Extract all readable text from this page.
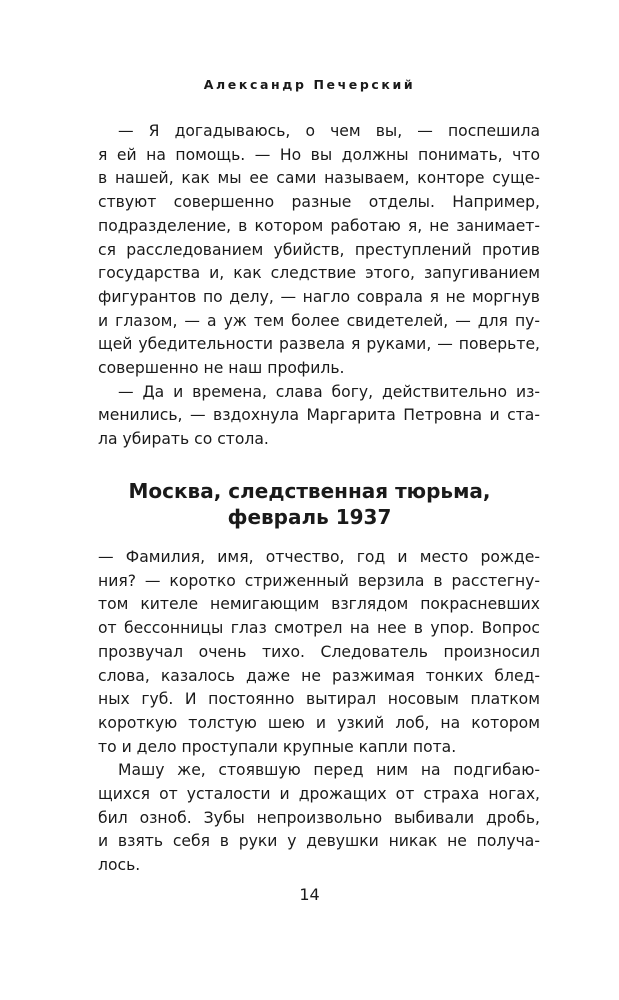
Александр Печерский

— Я догадываюсь, о чем вы, — поспешила
я ей на помощь. — Но вы должны понимать, что
в нашей, как мы ее сами называем, конторе суще-
ствуют совершенно разные отделы. Например,
подразделение, в котором работаю я, не занимает-
ся расследованием убийств, преступлений против
государства и, как следствие этого, запугиванием
фигурантов по делу, — нагло соврала я не моргнув
и глазом, — а уж тем более свидетелей, — для пу-
щей убедительности развела я руками, — поверьте,
совершенно не наш профиль.

— Да и времена, слава богу, действительно из-
менились, — вздохнула Маргарита Петровна и ста-
ла убирать со стола.

Москва, следственная тюрьма,
февраль 1937

— Фамилия, имя, отчество, год и место рожде-
ния? — коротко стриженный верзила в расстегну-
том кителе немигающим взглядом покрасневших
от бессонницы глаз смотрел на нее в упор. Вопрос
прозвучал очень тихо. Следователь произносил
слова, казалось даже не разжимая тонких блед-
ных губ. И постоянно вытирал носовым платком
короткую толстую шею и узкий лоб, на котором
то и дело проступали крупные капли пота.

Машу же, стоявшую перед ним на подгибаю-
щихся от усталости и дрожащих от страха ногах,
бил озноб. Зубы непроизвольно выбивали дробь,
и взять себя в руки у девушки никак не получа-
лось.

14
